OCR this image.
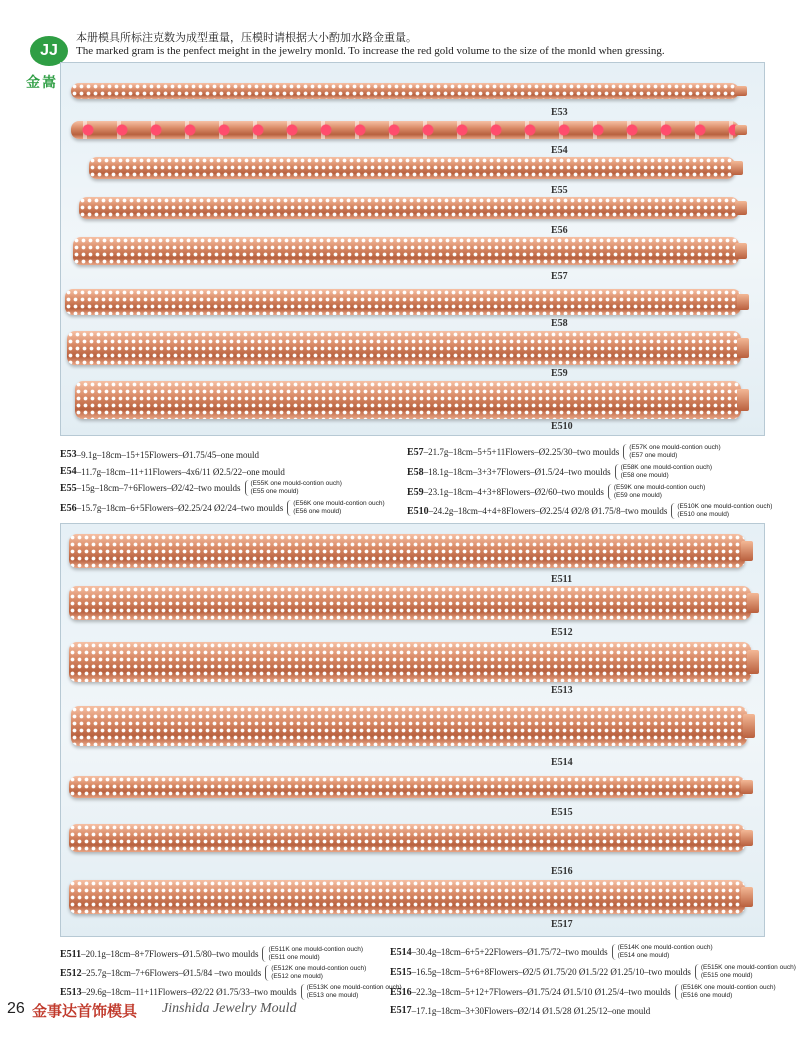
JJ
金嵩
本册模具所标注克数为成型重量，压模时请根据大小酌加水路金重量。
The marked gram is the penfect meight in the jewelry monld. To increase the red gold volume to the size of the monld when gressing.
E53
E54
E55
E56
E57
E58
E59
E510
E53 –9.1g–18cm–15+15Flowers–Ø1.75/45–one mould
E54 –11.7g–18cm–11+11Flowers–4x6/11 Ø2.5/22–one mould
E55 –15g–18cm–7+6Flowers–Ø2/42–two moulds	(E55K one mould-contion ouch)
(E55 one mould)
E56 –15.7g–18cm–6+5Flowers–Ø2.25/24 Ø2/24–two moulds	(E56K one mould-contion ouch)
(E56 one mould)
E57 –21.7g–18cm–5+5+11Flowers–Ø2.25/30–two moulds	(E57K one mould-contion ouch)
(E57 one mould)
E58 –18.1g–18cm–3+3+7Flowers–Ø1.5/24–two moulds	(E58K one mould-contion ouch)
(E58 one mould)
E59 –23.1g–18cm–4+3+8Flowers–Ø2/60–two moulds	(E59K one mould-contion ouch)
(E59 one mould)
E510 –24.2g–18cm–4+4+8Flowers–Ø2.25/4 Ø2/8 Ø1.75/8–two moulds	(E510K one mould-contion ouch)
(E510 one mould)
E511
E512
E513
E514
E515
E516
E517
E511 –20.1g–18cm–8+7Flowers–Ø1.5/80–two moulds	(E511K one mould-contion ouch)
(E511 one mould)
E512 –25.7g–18cm–7+6Flowers–Ø1.5/84 –two moulds	(E512K one mould-contion ouch)
(E512 one mould)
E513 –29.6g–18cm–11+11Flowers–Ø2/22 Ø1.75/33–two moulds	(E513K one mould-contion ouch)
(E513 one mould)
E514 –30.4g–18cm–6+5+22Flowers–Ø1.75/72–two moulds	(E514K one mould-contion ouch)
(E514 one mould)
E515 –16.5g–18cm–5+6+8Flowers–Ø2/5 Ø1.75/20 Ø1.5/22 Ø1.25/10–two moulds	(E515K one mould-contion ouch)
(E515 one mould)
E516 –22.3g–18cm–5+12+7Flowers–Ø1.75/24 Ø1.5/10 Ø1.25/4–two moulds	(E516K one mould-contion ouch)
(E516 one mould)
E517 –17.1g–18cm–3+30Flowers–Ø2/14 Ø1.5/28 Ø1.25/12–one mould
26 金事达首饰模具 Jinshida Jewelry Mould
